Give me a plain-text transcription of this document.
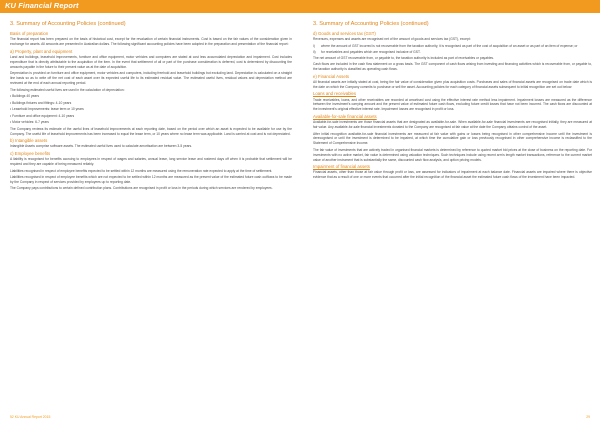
KU Financial Report
3. Summary of Accounting Policies (continued)
Basis of preparation
The financial report has been prepared on the basis of historical cost, except for the revaluation of certain financial instruments. Cost is based on the fair values of the consideration given in exchange for assets. All amounts are presented in Australian dollars. The following significant accounting policies have been adopted in the preparation and presentation of the financial report:
a) Property, plant and equipment
Land and buildings, leasehold improvements, furniture and office equipment, motor vehicles and computers are stated at cost less accumulated depreciation and impairment. Cost includes expenditure that is directly attributable to the acquisition of the item. In the event that settlement of all or part of the purchase consideration is deferred, cost is determined by discounting the amounts payable in the future to their present value as at the date of acquisition.
Depreciation is provided on furniture and office equipment, motor vehicles and computers, including freehold and leasehold buildings but excluding land. Depreciation is calculated on a straight line basis so as to write off the net cost of each asset over its expected useful life to its estimated residual value. The estimated useful lives, residual values and depreciation method are reviewed at the end of each annual reporting period.
The following estimated useful lives are used in the calculation of depreciation:
• Buildings 40 years
• Buildings fixtures and fittings: 4-10 years
• Leasehold Improvements: lease term or 10 years
• Furniture and office equipment: 4-10 years
• Motor vehicles: 6-7 years
The Company reviews its estimate of the useful lives of leasehold improvements at each reporting date, based on the period over which an asset is expected to be available for use by the Company. The useful life of leasehold improvements has been increased to equal the lease term, or 10 years where no lease term was applicable. Land is carried at cost and is not depreciated.
b) Intangible assets
Intangible Assets comprise software assets. The estimated useful lives used to calculate amortisation are between 3-5 years.
c) Employee benefits
A liability is recognised for benefits accruing to employees in respect of wages and salaries, annual leave, long service leave and rostered days off when it is probable that settlement will be required and they are capable of being measured reliably.
Liabilities recognised in respect of employee benefits expected to be settled within 12 months are measured using the remuneration rate expected to apply at the time of settlement.
Liabilities recognised in respect of employee benefits which are not expected to be settled within 12 months are measured as the present value of the estimated future cash outflows to be made by the Company in respect of services provided by employees up to reporting date.
The Company pays contributions to certain defined contribution plans. Contributions are recognised in profit or loss in the periods during which services are rendered by employees.
3. Summary of Accounting Policies (continued)
d) Goods and services tax (GST)
Revenues, expenses and assets are recognised net of the amount of goods and services tax (GST), except:
i)	where the amount of GST incurred is not recoverable from the taxation authority, it is recognised as part of the cost of acquisition of an asset or as part of an item of expense; or
ii)	for receivables and payables which are recognised inclusive of GST.
The net amount of GST recoverable from, or payable to, the taxation authority is included as part of receivables or payables.
Cash flows are included in the cash flow statement on a gross basis. The GST component of cash flows arising from investing and financing activities which is recoverable from, or payable to, the taxation authority is classified as operating cash flows.
e) Financial Assets
All financial assets are initially stated at cost, being the fair value of consideration given plus acquisition costs. Purchases and sales of financial assets are recognised on trade date which is the date on which the Company commits to purchase or sell the asset. Accounting policies for each category of financial assets subsequent to initial recognition are set out below:
Loans and receivables
Trade receivables, loans, and other receivables are recorded at amortised cost using the effective interest rate method less impairment. Impairment losses are measured as the difference between the investment's carrying amount and the present value of estimated future cash flows, excluding future credit losses that have not been incurred. The cash flows are discounted at the investment's original effective interest rate. Impairment losses are recognised in profit or loss.
Available-for-sale financial assets
Available-for-sale investments are those financial assets that are designated as available-for-sale. When available-for-sale financial investments are recognised initially, they are measured at fair value. Any available-for-sale financial investments donated to the Company are recognised at fair value at the date the Company obtains control of the asset.
After initial recognition available-for-sale financial investments are measured at fair value with gains or losses being recognised in other comprehensive income until the investment is derecognised or until the investment is determined to be impaired, at which time the cumulative gain or loss previously recognised in other comprehensive income is reclassified to the Statement of Comprehensive Income.
The fair value of investments that are actively traded in organised financial markets is determined by reference to quoted market bid prices at the close of business on the reporting date. For investments with no active market, fair value is determined using valuation techniques. Such techniques include using recent arm's length market transactions, reference to the current market value of another instrument that is substantially the same, discounted cash flow analysis, and option pricing models.
Impairment of financial assets
Financial assets, other than those at fair value through profit or loss, are assessed for indicators of impairment at each balance date. Financial assets are impaired where there is objective evidence that as a result of one or more events that occurred after the initial recognition of the financial asset the estimated future cash flows of the investment have been impacted.
52 KU Annual Report 2015	29
